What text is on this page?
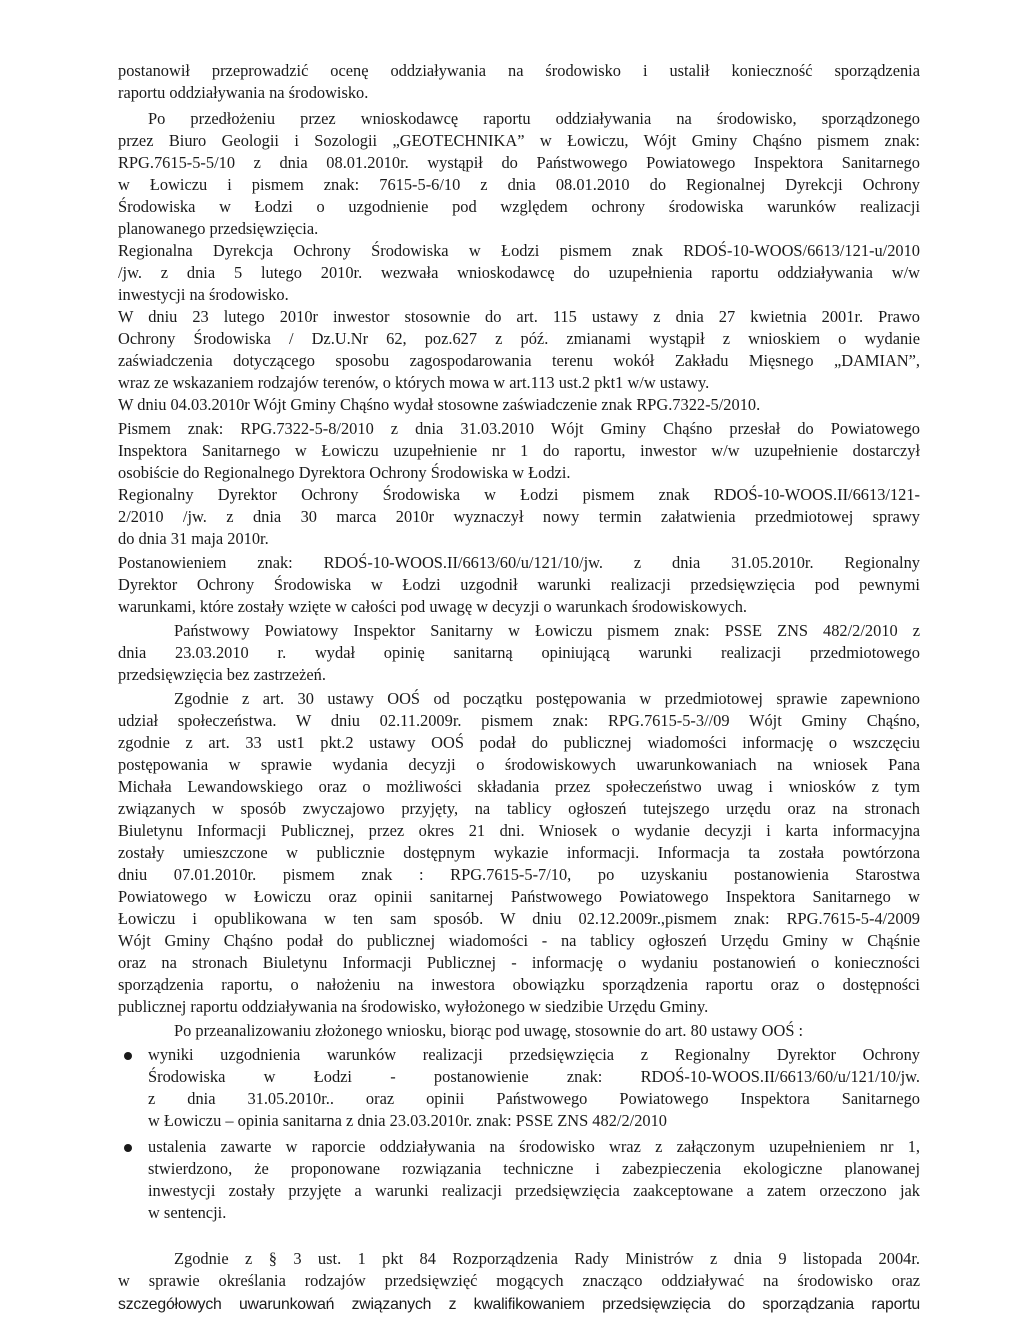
postanowił przeprowadzić ocenę oddziaływania na środowisko i ustalił konieczność sporządzenia
raportu oddziaływania na środowisko.
Po przedłożeniu przez wnioskodawcę raportu oddziaływania na środowisko, sporządzonego
przez Biuro Geologii i Sozologii „GEOTECHNIKA” w Łowiczu, Wójt Gminy Chąśno pismem znak:
RPG.7615-5-5/10 z dnia 08.01.2010r. wystąpił do Państwowego Powiatowego Inspektora Sanitarnego
w Łowiczu i pismem znak: 7615-5-6/10 z dnia 08.01.2010 do Regionalnej Dyrekcji Ochrony
Środowiska w Łodzi o uzgodnienie pod względem ochrony środowiska warunków realizacji
planowanego przedsięwzięcia.
Regionalna Dyrekcja Ochrony Środowiska w Łodzi pismem znak RDOŚ-10-WOOS/6613/121-u/2010
/jw. z dnia 5 lutego 2010r. wezwała wnioskodawcę do uzupełnienia raportu oddziaływania w/w
inwestycji na środowisko.
W dniu 23 lutego 2010r inwestor stosownie do art. 115 ustawy z dnia 27 kwietnia 2001r. Prawo
Ochrony Środowiska / Dz.U.Nr 62, poz.627 z póź. zmianami wystąpił z wnioskiem o wydanie
zaświadczenia dotyczącego sposobu zagospodarowania terenu wokół Zakładu Mięsnego „DAMIAN”,
wraz ze wskazaniem rodzajów terenów, o których mowa w art.113 ust.2 pkt1 w/w ustawy.
W dniu 04.03.2010r Wójt Gminy Chąśno wydał stosowne zaświadczenie znak RPG.7322-5/2010.
Pismem znak: RPG.7322-5-8/2010 z dnia 31.03.2010 Wójt Gminy Chąśno przesłał do Powiatowego
Inspektora Sanitarnego w Łowiczu uzupełnienie nr 1 do raportu, inwestor w/w uzupełnienie dostarczył
osobiście do Regionalnego Dyrektora Ochrony Środowiska w Łodzi.
Regionalny Dyrektor Ochrony Środowiska w Łodzi pismem znak RDOŚ-10-WOOS.II/6613/121-
2/2010 /jw. z dnia 30 marca 2010r wyznaczył nowy termin załatwienia przedmiotowej sprawy
do dnia 31 maja 2010r.
Postanowieniem znak: RDOŚ-10-WOOS.II/6613/60/u/121/10/jw. z dnia 31.05.2010r. Regionalny
Dyrektor Ochrony Środowiska w Łodzi uzgodnił warunki realizacji przedsięwzięcia pod pewnymi
warunkami, które zostały wzięte w całości pod uwagę w decyzji o warunkach środowiskowych.
Państwowy Powiatowy Inspektor Sanitarny w Łowiczu pismem znak: PSSE ZNS 482/2/2010 z
dnia 23.03.2010 r. wydał opinię sanitarną opiniującą warunki realizacji przedmiotowego
przedsięwzięcia bez zastrzeżeń.
Zgodnie z art. 30 ustawy OOŚ od początku postępowania w przedmiotowej sprawie zapewniono
udział społeczeństwa. W dniu 02.11.2009r. pismem znak: RPG.7615-5-3//09 Wójt Gminy Chąśno,
zgodnie z art. 33 ust1 pkt.2 ustawy OOŚ podał do publicznej wiadomości informację o wszczęciu
postępowania w sprawie wydania decyzji o środowiskowych uwarunkowaniach na wniosek Pana
Michała Lewandowskiego oraz o możliwości składania przez społeczeństwo uwag i wniosków z tym
związanych w sposób zwyczajowo przyjęty, na tablicy ogłoszeń tutejszego urzędu oraz na stronach
Biuletynu Informacji Publicznej, przez okres 21 dni. Wniosek o wydanie decyzji i karta informacyjna
zostały umieszczone w publicznie dostępnym wykazie informacji. Informacja ta została powtórzona
dniu 07.01.2010r. pismem znak : RPG.7615-5-7/10, po uzyskaniu postanowienia Starostwa
Powiatowego w Łowiczu oraz opinii sanitarnej Państwowego Powiatowego Inspektora Sanitarnego w
Łowiczu i opublikowana w ten sam sposób. W dniu 02.12.2009r.,pismem znak: RPG.7615-5-4/2009
Wójt Gminy Chąśno podał do publicznej wiadomości - na tablicy ogłoszeń Urzędu Gminy w Chąśnie
oraz na stronach Biuletynu Informacji Publicznej - informację o wydaniu postanowień o konieczności
sporządzenia raportu, o nałożeniu na inwestora obowiązku sporządzenia raportu oraz o dostępności
publicznej raportu oddziaływania na środowisko, wyłożonego w siedzibie Urzędu Gminy.
Po przeanalizowaniu złożonego wniosku, biorąc pod uwagę, stosownie do art. 80 ustawy OOŚ :
wyniki uzgodnienia warunków realizacji przedsięwzięcia z Regionalny Dyrektor Ochrony
Środowiska w Łodzi - postanowienie znak: RDOŚ-10-WOOS.II/6613/60/u/121/10/jw.
z dnia 31.05.2010r.. oraz opinii Państwowego Powiatowego Inspektora Sanitarnego
w Łowiczu – opinia sanitarna z dnia 23.03.2010r. znak: PSSE ZNS 482/2/2010
ustalenia zawarte w raporcie oddziaływania na środowisko wraz z załączonym uzupełnieniem nr 1,
stwierdzono, że proponowane rozwiązania techniczne i zabezpieczenia ekologiczne planowanej
inwestycji zostały przyjęte a warunki realizacji przedsięwzięcia zaakceptowane a zatem orzeczono jak
w sentencji.
Zgodnie z § 3 ust. 1 pkt 84 Rozporządzenia Rady Ministrów z dnia 9 listopada 2004r.
w sprawie określania rodzajów przedsięwzięć mogących znacząco oddziaływać na środowisko oraz
szczegółowych uwarunkowań związanych z kwalifikowaniem przedsięwzięcia do sporządzania raportu
